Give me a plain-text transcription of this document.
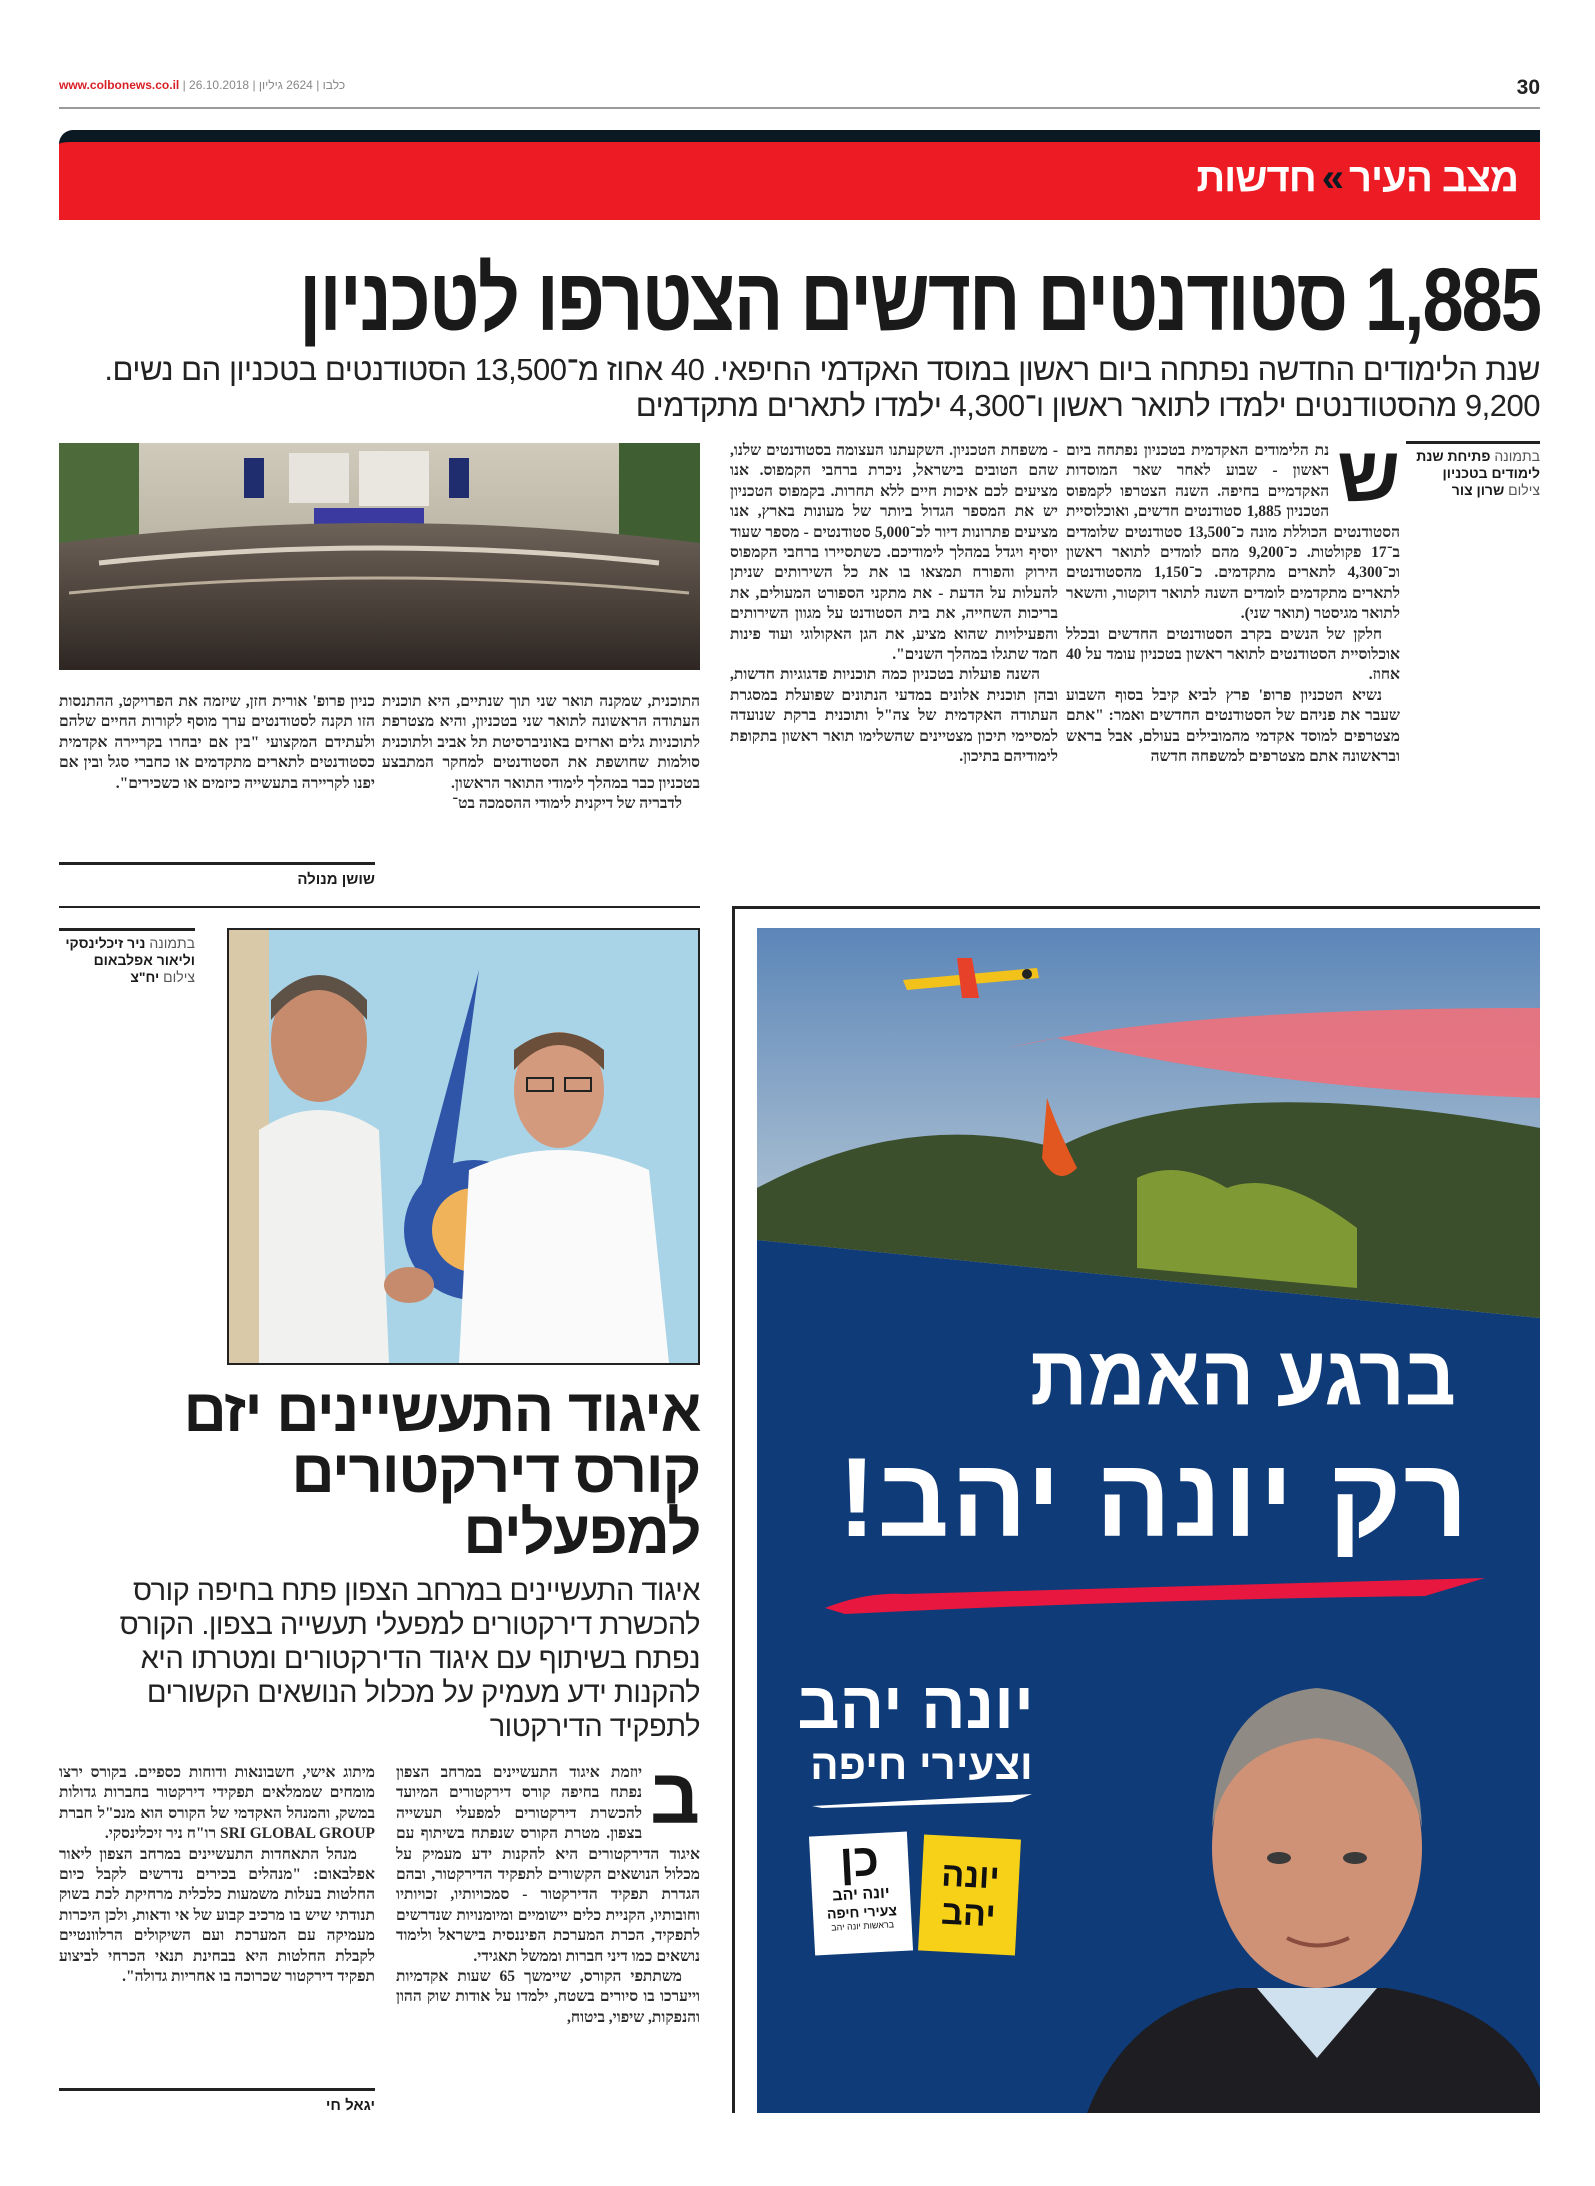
www.colbonews.co.il |	כלבו | 2624 גיליון | 26.10.2018	30
מצב העיר»חדשות
1,885 סטודנטים חדשים הצטרפו לטכניון
שנת הלימודים החדשה נפתחה ביום ראשון במוסד האקדמי החיפאי. 40 אחוז מ־13,500 הסטודנטים בטכניון הם נשים. 9,200 מהסטודנטים ילמדו לתואר ראשון ו־4,300 ילמדו לתארים מתקדמים
בתמונה פתיחת שנת לימודים בטכניון
צילום שרון צור
ש

נת הלימודים האקדמית בטכניון נפתחה ביום ראשון - שבוע לאחר שאר המוסדות האקדמיים בחיפה. השנה הצטרפו לקמפוס הטכניון 1,885 סטודנטים חדשים, ואוכלוסיית הסטודנטים הכוללת מונה כ־13,500 סטודנטים שלומדים ב־17 פקולטות. כ־9,200 מהם לומדים לתואר ראשון וכ־4,300 לתארים מתקדמים. כ־1,150 מהסטודנטים לתארים מתקדמים לומדים השנה לתואר דוקטור, והשאר לתואר מגיסטר (תואר שני).

חלקן של הנשים בקרב הסטודנטים החדשים ובכלל אוכלוסיית הסטודנטים לתואר ראשון בטכניון עומד על 40 אחוז.

נשיא הטכניון פרופ' פרץ לביא קיבל בסוף השבוע שעבר את פניהם של הסטודנטים החדשים ואמר: "אתם מצטרפים למוסד אקדמי מהמובילים בעולם, אבל בראש ובראשונה אתם מצטרפים למשפחה חדשה

- משפחת הטכניון. השקעתנו העצומה בסטודנטים שלנו, שהם הטובים בישראל, ניכרת ברחבי הקמפוס. אנו מציעים לכם איכות חיים ללא תחרות. בקמפוס הטכניון יש את המספר הגדול ביותר של מעונות בארץ, אנו מציעים פתרונות דיור לכ־5,000 סטודנטים - מספר שעוד יוסיף ויגדל במהלך לימודיכם. כשתסיירו ברחבי הקמפוס הירוק והפורח תמצאו בו את כל השירותים שניתן להעלות על הדעת - את מתקני הספורט המעולים, את בריכות השחייה, את בית הסטודנט על מגוון השירותים והפעילויות שהוא מציע, את הגן האקולוגי ועוד פינות חמד שתגלו במהלך השנים".

השנה פועלות בטכניון כמה תוכניות פדגוגיות חדשות, ובהן תוכנית אלונים במדעי הנתונים שפועלת במסגרת העתודה האקדמית של צה"ל ותוכנית ברקת שנועדה למסיימי תיכון מצטיינים שהשלימו תואר ראשון בתקופת לימודיהם בתיכון.

התוכנית, שמקנה תואר שני תוך שנתיים, היא תוכנית העתודה הראשונה לתואר שני בטכניון, והיא מצטרפת לתוכניות גלים וארזים באוניברסיטת תל אביב ולתוכנית סולמות שחושפת את הסטודנטים למחקר המתבצע בטכניון כבר במהלך לימודי התואר הראשון.

לדבריה של דיקנית לימודי ההסמכה בט־

כניון פרופ' אורית חזן, שיזמה את הפרויקט, ההתנסות הזו תקנה לסטודנטים ערך מוסף לקורות החיים שלהם ולעתידם המקצועי "בין אם יבחרו בקריירה אקדמית כסטודנטים לתארים מתקדמים או כחברי סגל ובין אם יפנו לקריירה בתעשייה כיזמים או כשכירים".

שושן מנולה
בתמונה ניר זיכלינסקי וליאור אפלבאום
צילום יח"צ
איגוד התעשיינים יזם קורס דירקטורים למפעלים
איגוד התעשיינים במרחב הצפון פתח בחיפה קורס להכשרת דירקטורים למפעלי תעשייה בצפון. הקורס נפתח בשיתוף עם איגוד הדירקטורים ומטרתו היא להקנות ידע מעמיק על מכלול הנושאים הקשורים לתפקיד הדירקטור
ב

יוזמת איגוד התעשיינים במרחב הצפון נפתח בחיפה קורס דירקטורים המיועד להכשרת דירקטורים למפעלי תעשייה בצפון. מטרת הקורס שנפתח בשיתוף עם איגוד הדירקטורים היא להקנות ידע מעמיק על מכלול הנושאים הקשורים לתפקיד הדירקטור, ובהם הגדרת תפקיד הדירקטור - סמכויותיו, זכויותיו וחובותיו, הקניית כלים יישומיים ומיומנויות שנדרשים לתפקיד, הכרת המערכת הפיננסית בישראל ולימוד נושאים כמו דיני חברות וממשל תאגידי.

משתתפי הקורס, שיימשך 65 שעות אקדמיות וייערכו בו סיורים בשטח, ילמדו על אודות שוק ההון והנפקות, שיפוי, ביטוח,

מיתוג אישי, חשבונאות ודוחות כספיים. בקורס ירצו מומחים שממלאים תפקידי דירקטור בחברות גדולות במשק, והמנהל האקדמי של הקורס הוא מנכ"ל חברת SRI GLOBAL GROUP רו"ח ניר זיכלינסקי.

מנהל התאחדות התעשיינים במרחב הצפון ליאור אפלבאום: "מנהלים בכירים נדרשים לקבל כיום החלטות בעלות משמעות כלכלית מרחיקת לכת בשוק תנודתי שיש בו מרכיב קבוע של אי ודאות, ולכן היכרות מעמיקה עם המערכת ועם השיקולים הרלוונטיים לקבלת החלטות היא בבחינת תנאי הכרחי לביצוע תפקיד דירקטור שכרוכה בו אחריות גדולה".

יגאל חי
ברגע האמת
רק יונה יהב!
יונה יהב
וצעירי חיפה
כן
יונה יהב
צעירי חיפה
בראשות יונה יהב
יונה יהב
